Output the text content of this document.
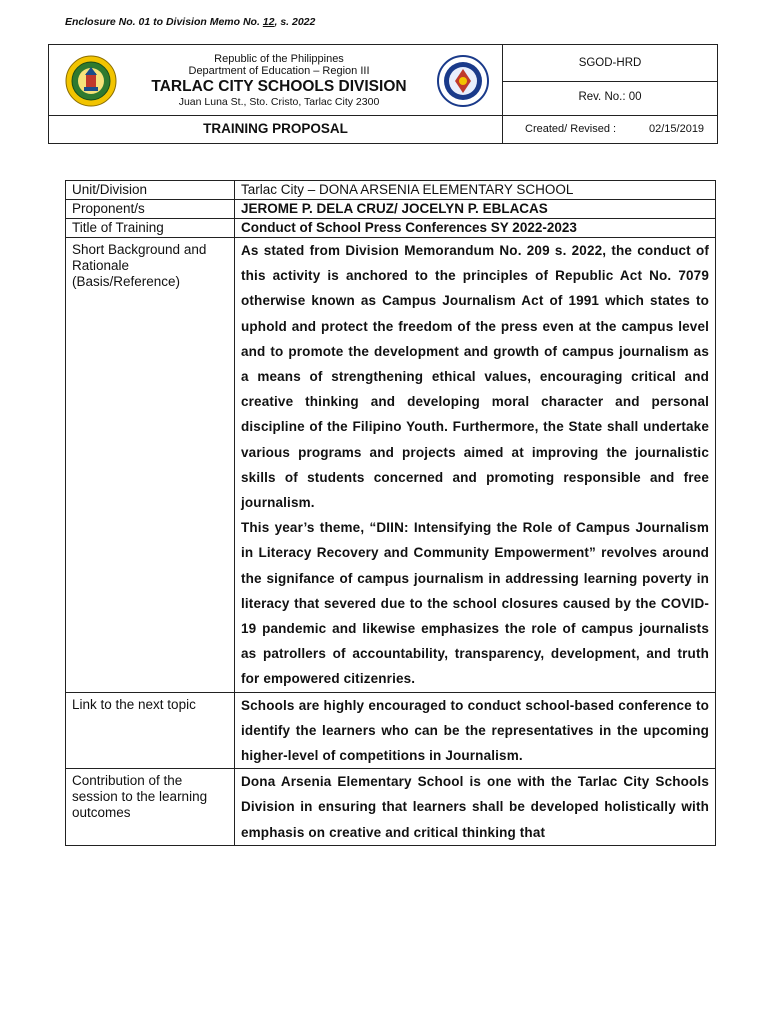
Enclosure No. 01 to Division Memo No. 12, s. 2022
Republic of the Philippines
Department of Education – Region III
TARLAC CITY SCHOOLS DIVISION
Juan Luna St., Sto. Cristo, Tarlac City 2300
SGOD-HRD
Rev. No.: 00
TRAINING PROPOSAL	Created/ Revised :	02/15/2019
Unit/Division	Tarlac City – DONA ARSENIA ELEMENTARY SCHOOL
Proponent/s	JEROME P. DELA CRUZ/ JOCELYN P. EBLACAS
Title of Training	Conduct of School Press Conferences SY 2022-2023
Short Background and Rationale (Basis/Reference)	As stated from Division Memorandum No. 209 s. 2022, the conduct of this activity is anchored to the principles of Republic Act No. 7079 otherwise known as Campus Journalism Act of 1991 which states to uphold and protect the freedom of the press even at the campus level and to promote the development and growth of campus journalism as a means of strengthening ethical values, encouraging critical and creative thinking and developing moral character and personal discipline of the Filipino Youth. Furthermore, the State shall undertake various programs and projects aimed at improving the journalistic skills of students concerned and promoting responsible and free journalism.

This year’s theme, “DIIN: Intensifying the Role of Campus Journalism in Literacy Recovery and Community Empowerment” revolves around the signifance of campus journalism in addressing learning poverty in literacy that severed due to the school closures caused by the COVID-19 pandemic and likewise emphasizes the role of campus journalists as patrollers of accountability, transparency, development, and truth for empowered citizenries.

Link to the next topic	Schools are highly encouraged to conduct school-based conference to identify the learners who can be the representatives in the upcoming higher-level of competitions in Journalism.
Contribution of the session to the learning outcomes	Dona Arsenia Elementary School is one with the Tarlac City Schools Division in ensuring that learners shall be developed holistically with emphasis on creative and critical thinking that
